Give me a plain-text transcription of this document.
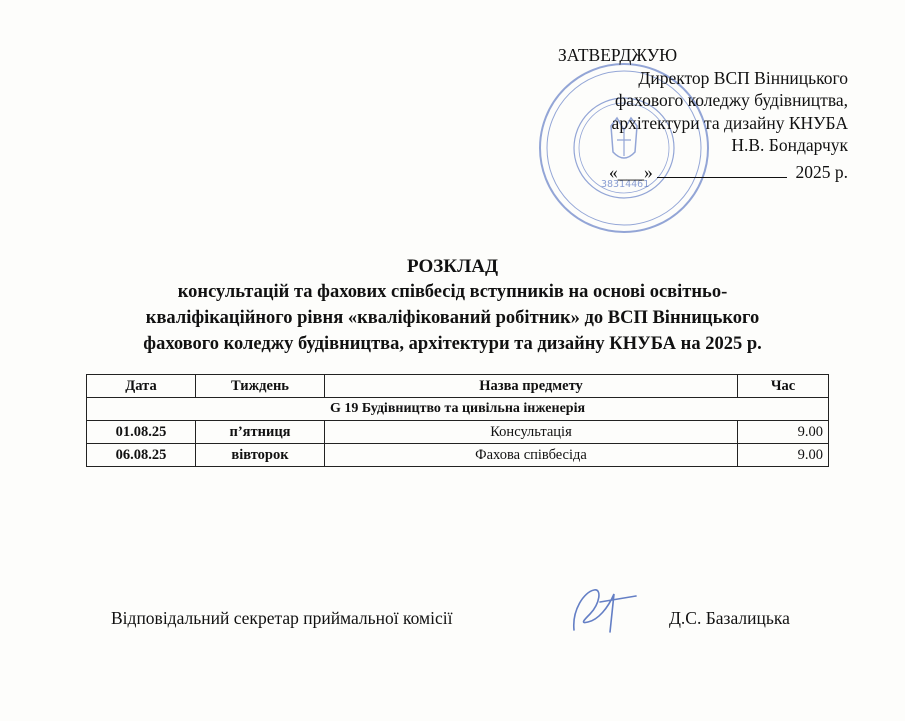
38314461
ЗАТВЕРДЖУЮ
Директор ВСП Вінницького
фахового коледжу будівництва,
архітектури та дизайну КНУБА
Н.В. Бондарчук
«___»	2025 р.
РОЗКЛАД
консультацій та фахових співбесід вступників на основі освітньо-
кваліфікаційного рівня «кваліфікований робітник» до ВСП Вінницького
фахового коледжу будівництва, архітектури та дизайну КНУБА на 2025 р.
Дата	Тиждень	Назва предмету	Час
G 19 Будівництво та цивільна інженерія			
01.08.25	п’ятниця	Консультація	9.00
06.08.25	вівторок	Фахова співбесіда	9.00
Відповідальний секретар приймальної комісії	Д.С. Базалицька
